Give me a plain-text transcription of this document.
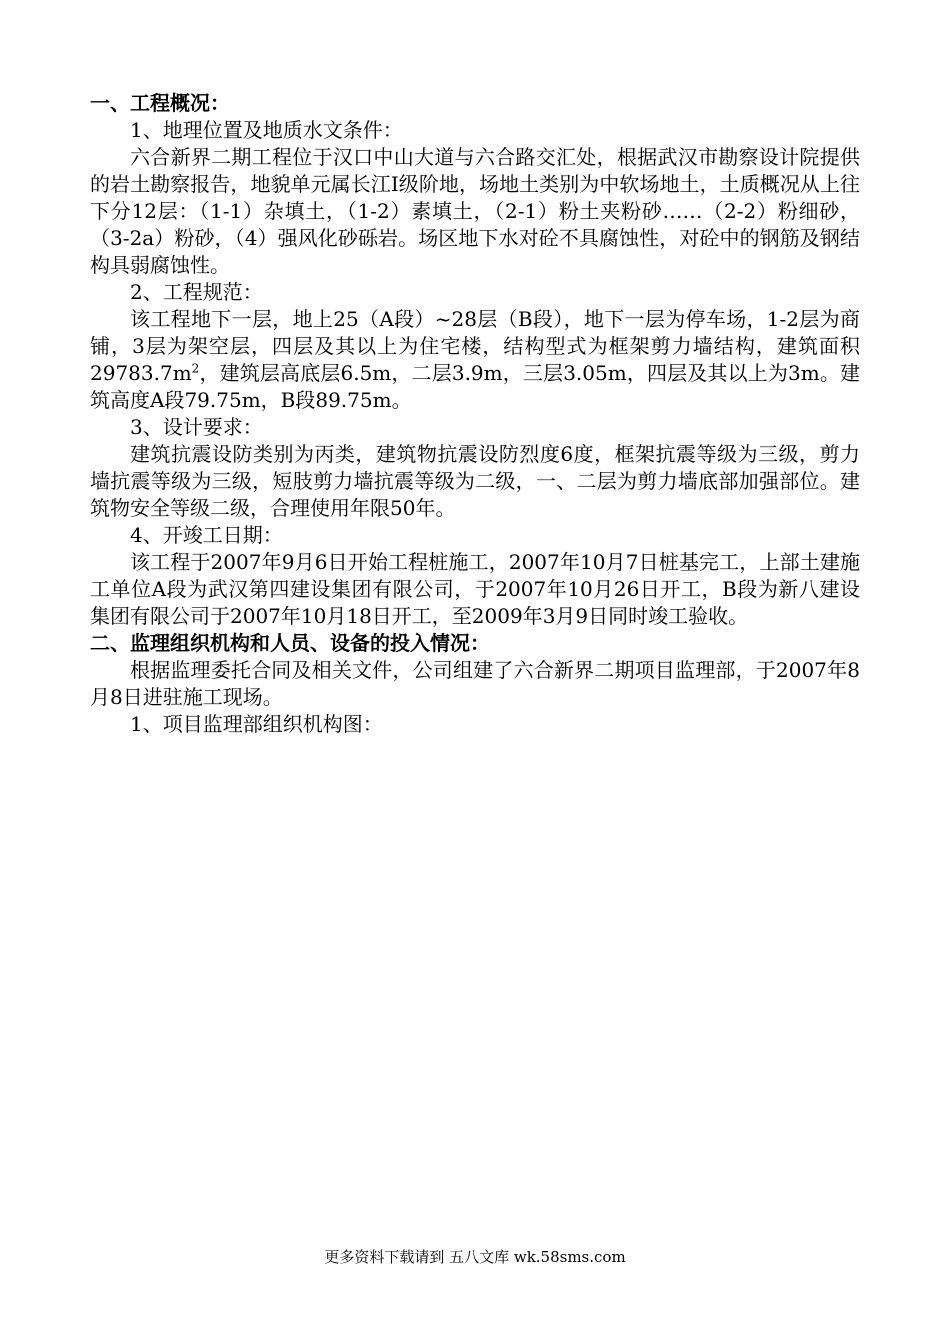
一、工程概况：

1、地理位置及地质水文条件：

六合新界二期工程位于汉口中山大道与六合路交汇处，根据武汉市勘察设计院提供的岩土勘察报告，地貌单元属长江Ⅰ级阶地，场地土类别为中软场地土，土质概况从上往下分12层：（1-1）杂填土，（1-2）素填土，（2-1）粉土夹粉砂……（2-2）粉细砂，（3-2a）粉砂，（4）强风化砂砾岩。场区地下水对砼不具腐蚀性，对砼中的钢筋及钢结构具弱腐蚀性。

2、工程规范：

该工程地下一层，地上25（A段）~28层（B段），地下一层为停车场，1-2层为商铺，3层为架空层，四层及其以上为住宅楼，结构型式为框架剪力墙结构，建筑面积$29783.7m^2$，建筑层高底层6.5m，二层3.9m，三层3.05m，四层及其以上为3m。建筑高度A段79.75m，B段89.75m。

3、设计要求：

建筑抗震设防类别为丙类，建筑物抗震设防烈度6度，框架抗震等级为三级，剪力墙抗震等级为三级，短肢剪力墙抗震等级为二级，一、二层为剪力墙底部加强部位。建筑物安全等级二级，合理使用年限50年。

4、开竣工日期：

该工程于2007年9月6日开始工程桩施工，2007年10月7日桩基完工，上部土建施工单位A段为武汉第四建设集团有限公司，于2007年10月26日开工，B段为新八建设集团有限公司于2007年10月18日开工，至2009年3月9日同时竣工验收。

二、监理组织机构和人员、设备的投入情况：

根据监理委托合同及相关文件，公司组建了六合新界二期项目监理部，于2007年8月8日进驻施工现场。

1、项目监理部组织机构图：

更多资料下载请到 五八文库 wk.58sms.com
